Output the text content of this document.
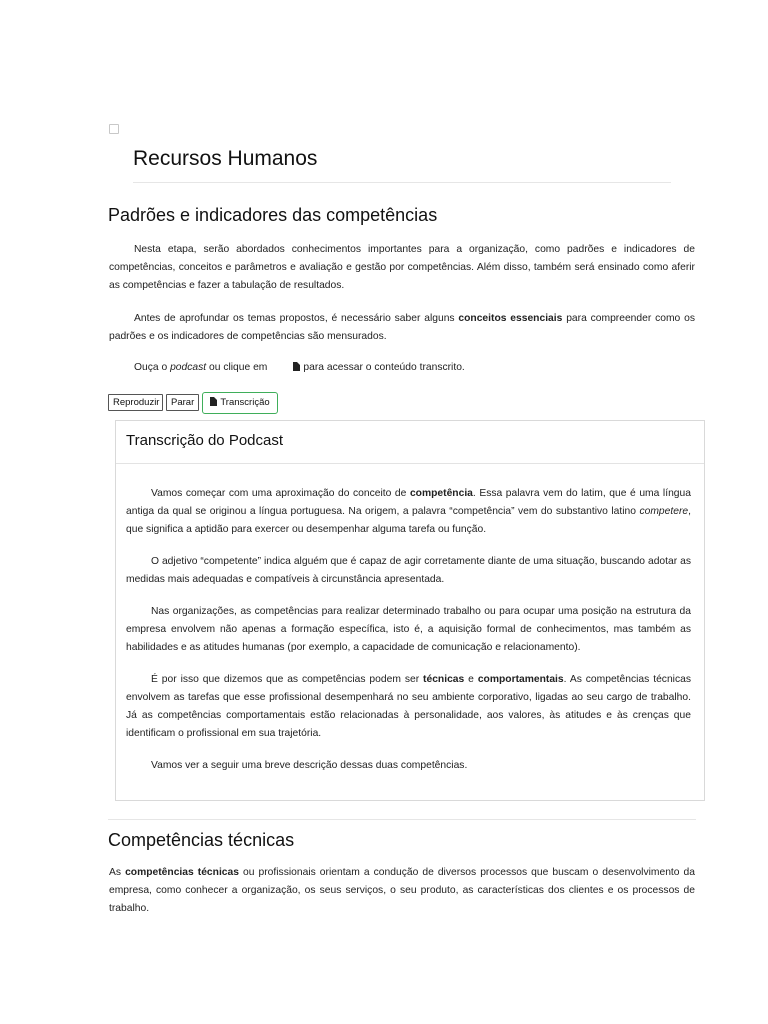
Recursos Humanos
Padrões e indicadores das competências

Nesta etapa, serão abordados conhecimentos importantes para a organização, como padrões e indicadores de competências, conceitos e parâmetros e avaliação e gestão por competências. Além disso, também será ensinado como aferir as competências e fazer a tabulação de resultados.

Antes de aprofundar os temas propostos, é necessário saber alguns conceitos essenciais para compreender como os padrões e os indicadores de competências são mensurados.

Ouça o podcast ou clique em	para acessar o conteúdo transcrito.

Reproduzir	Parar	Transcrição
Transcrição do Podcast

Vamos começar com uma aproximação do conceito de competência. Essa palavra vem do latim, que é uma língua antiga da qual se originou a língua portuguesa. Na origem, a palavra “competência” vem do substantivo latino competere, que significa a aptidão para exercer ou desempenhar alguma tarefa ou função.

O adjetivo “competente” indica alguém que é capaz de agir corretamente diante de uma situação, buscando adotar as medidas mais adequadas e compatíveis à circunstância apresentada.

Nas organizações, as competências para realizar determinado trabalho ou para ocupar uma posição na estrutura da empresa envolvem não apenas a formação específica, isto é, a aquisição formal de conhecimentos, mas também as habilidades e as atitudes humanas (por exemplo, a capacidade de comunicação e relacionamento).

É por isso que dizemos que as competências podem ser técnicas e comportamentais. As competências técnicas envolvem as tarefas que esse profissional desempenhará no seu ambiente corporativo, ligadas ao seu cargo de trabalho. Já as competências comportamentais estão relacionadas à personalidade, aos valores, às atitudes e às crenças que identificam o profissional em sua trajetória.

Vamos ver a seguir uma breve descrição dessas duas competências.

Competências técnicas

As competências técnicas ou profissionais orientam a condução de diversos processos que buscam o desenvolvimento da empresa, como conhecer a organização, os seus serviços, o seu produto, as características dos clientes e os processos de trabalho.
